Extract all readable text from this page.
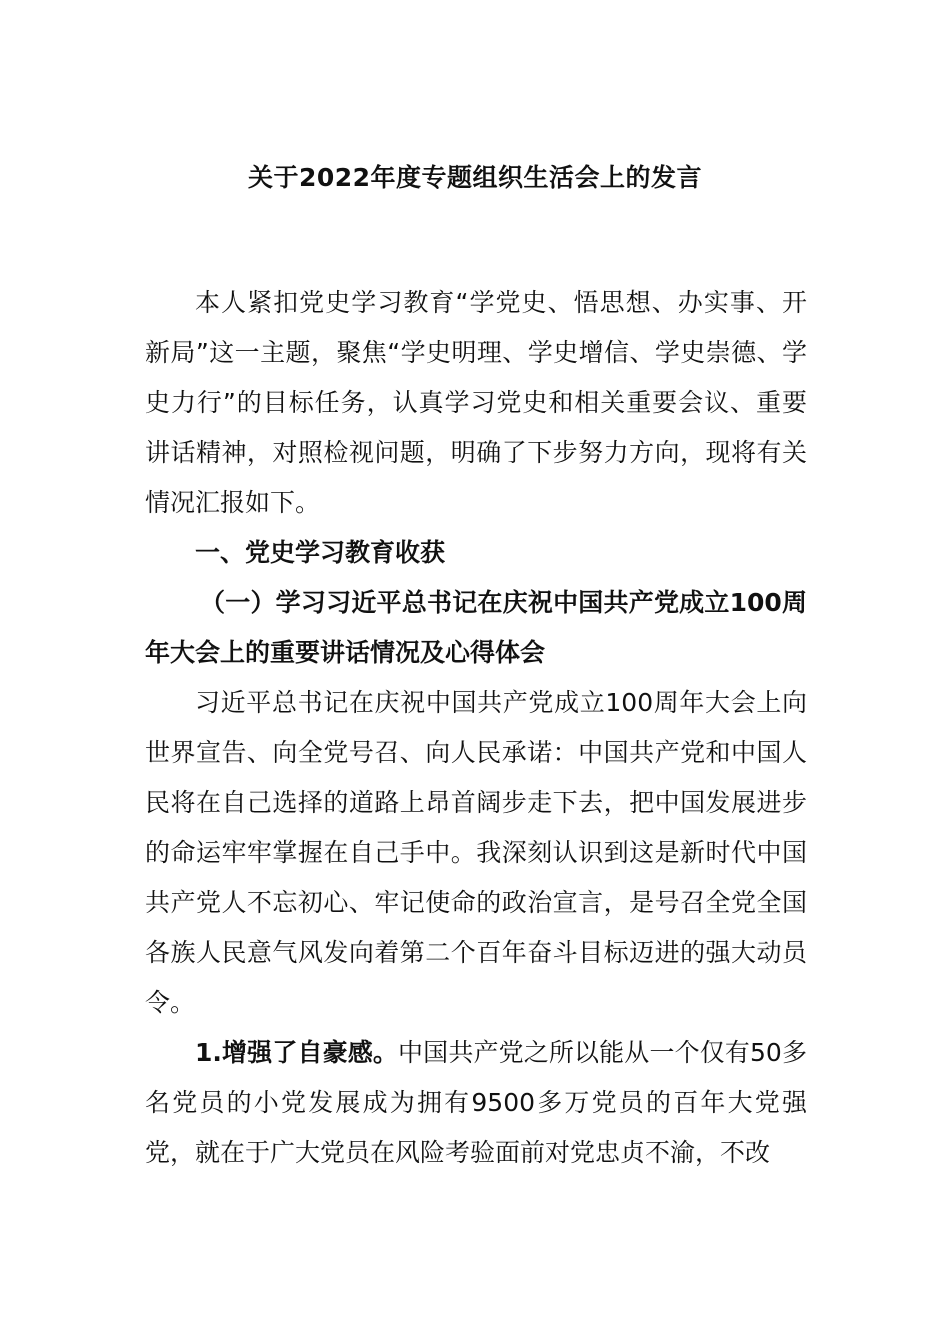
关于2022年度专题组织生活会上的发言

本人紧扣党史学习教育“学党史、悟思想、办实事、开新局”这一主题，聚焦“学史明理、学史增信、学史崇德、学史力行”的目标任务，认真学习党史和相关重要会议、重要讲话精神，对照检视问题，明确了下步努力方向，现将有关情况汇报如下。

一、党史学习教育收获

（一）学习习近平总书记在庆祝中国共产党成立100周年大会上的重要讲话情况及心得体会

习近平总书记在庆祝中国共产党成立100周年大会上向世界宣告、向全党号召、向人民承诺：中国共产党和中国人民将在自己选择的道路上昂首阔步走下去，把中国发展进步的命运牢牢掌握在自己手中。我深刻认识到这是新时代中国共产党人不忘初心、牢记使命的政治宣言，是号召全党全国各族人民意气风发向着第二个百年奋斗目标迈进的强大动员令。

1.增强了自豪感。中国共产党之所以能从一个仅有50多名党员的小党发展成为拥有9500多万党员的百年大党强党，就在于广大党员在风险考验面前对党忠贞不渝，不改
